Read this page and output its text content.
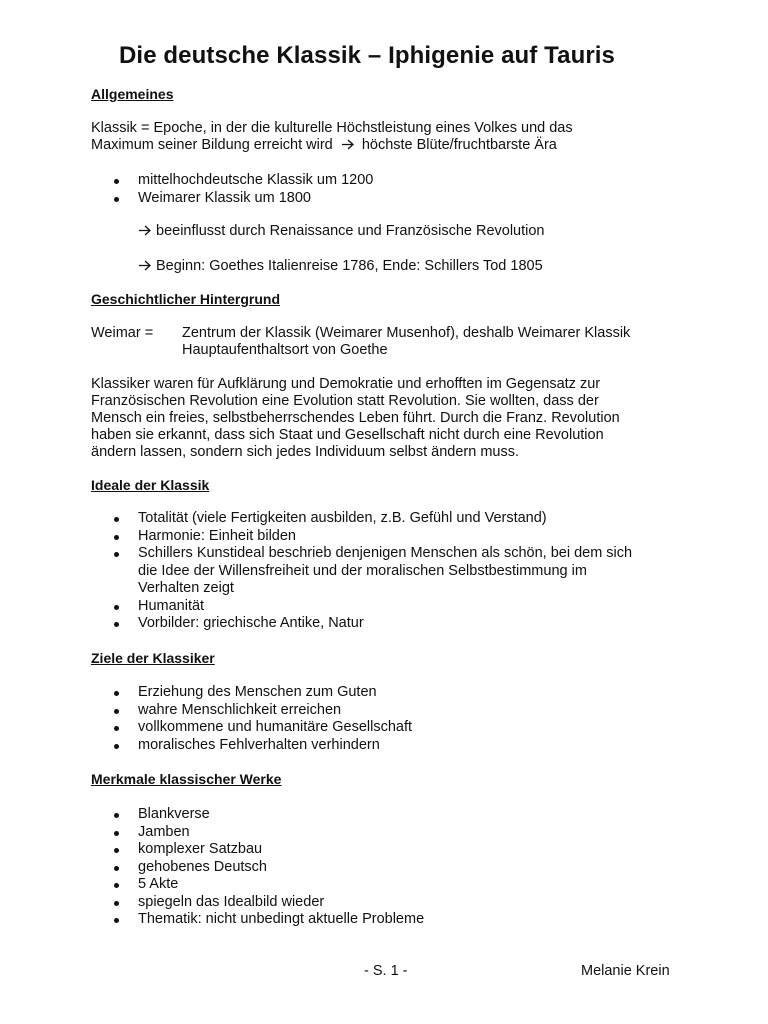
Die deutsche Klassik – Iphigenie auf Tauris
Allgemeines
Klassik = Epoche, in der die kulturelle Höchstleistung eines Volkes und das
Maximum seiner Bildung erreicht wird höchste Blüte/fruchtbarste Ära
mittelhochdeutsche Klassik um 1200
Weimarer Klassik um 1800
beeinflusst durch Renaissance und Französische Revolution
Beginn: Goethes Italienreise 1786, Ende: Schillers Tod 1805
Geschichtlicher Hintergrund
Weimar = Zentrum der Klassik (Weimarer Musenhof), deshalb Weimarer Klassik
Hauptaufenthaltsort von Goethe
Klassiker waren für Aufklärung und Demokratie und erhofften im Gegensatz zur
Französischen Revolution eine Evolution statt Revolution. Sie wollten, dass der
Mensch ein freies, selbstbeherrschendes Leben führt. Durch die Franz. Revolution
haben sie erkannt, dass sich Staat und Gesellschaft nicht durch eine Revolution
ändern lassen, sondern sich jedes Individuum selbst ändern muss.
Ideale der Klassik
Totalität (viele Fertigkeiten ausbilden, z.B. Gefühl und Verstand)
Harmonie: Einheit bilden
Schillers Kunstideal beschrieb denjenigen Menschen als schön, bei dem sich
die Idee der Willensfreiheit und der moralischen Selbstbestimmung im
Verhalten zeigt
Humanität
Vorbilder: griechische Antike, Natur
Ziele der Klassiker
Erziehung des Menschen zum Guten
wahre Menschlichkeit erreichen
vollkommene und humanitäre Gesellschaft
moralisches Fehlverhalten verhindern
Merkmale klassischer Werke
Blankverse
Jamben
komplexer Satzbau
gehobenes Deutsch
5 Akte
spiegeln das Idealbild wieder
Thematik: nicht unbedingt aktuelle Probleme
- S. 1 -	Melanie Krein
